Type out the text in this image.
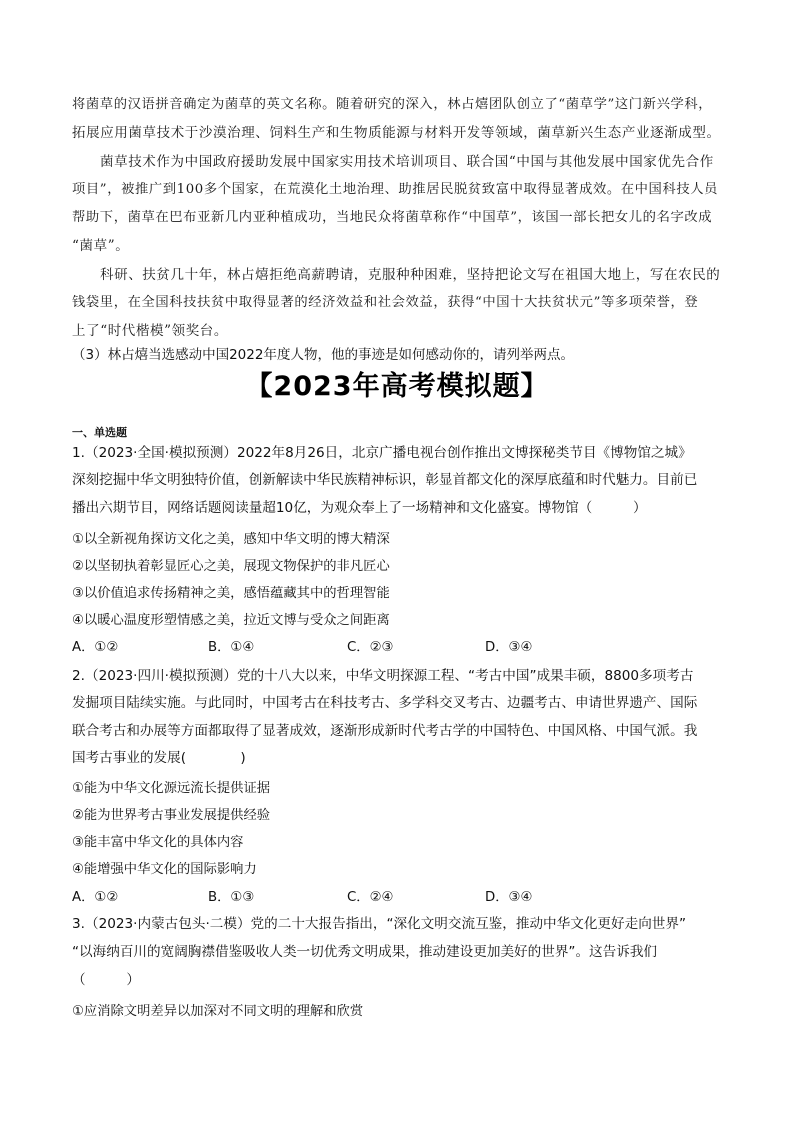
将菌草的汉语拼音确定为菌草的英文名称。随着研究的深入，林占熺团队创立了“菌草学”这门新兴学科，
拓展应用菌草技术于沙漠治理、饲料生产和生物质能源与材料开发等领域，菌草新兴生态产业逐渐成型。
菌草技术作为中国政府援助发展中国家实用技术培训项目、联合国“中国与其他发展中国家优先合作
项目”，被推广到100多个国家，在荒漠化土地治理、助推居民脱贫致富中取得显著成效。在中国科技人员
帮助下，菌草在巴布亚新几内亚种植成功，当地民众将菌草称作“中国草”，该国一部长把女儿的名字改成
“菌草”。
科研、扶贫几十年，林占熺拒绝高薪聘请，克服种种困难，坚持把论文写在祖国大地上，写在农民的
钱袋里，在全国科技扶贫中取得显著的经济效益和社会效益，获得“中国十大扶贫状元”等多项荣誉，登
上了“时代楷模”领奖台。
（3）林占熺当选感动中国2022年度人物，他的事迹是如何感动你的，请列举两点。
【2023年高考模拟题】
一、单选题
1.（2023·全国·模拟预测）2022年8月26日，北京广播电视台创作推出文博探秘类节目《博物馆之城》
深刻挖掘中华文明独特价值，创新解读中华民族精神标识，彰显首都文化的深厚底蕴和时代魅力。目前已
播出六期节目，网络话题阅读量超10亿，为观众奉上了一场精神和文化盛宴。博物馆（　　　）
①以全新视角探访文化之美，感知中华文明的博大精深
②以坚韧执着彰显匠心之美，展现文物保护的非凡匠心
③以价值追求传扬精神之美，感悟蕴藏其中的哲理智能
④以暖心温度形塑情感之美，拉近文博与受众之间距离
A．①②	B．①④	C．②③	D．③④
2.（2023·四川·模拟预测）党的十八大以来，中华文明探源工程、“考古中国”成果丰硕，8800多项考古
发掘项目陆续实施。与此同时，中国考古在科技考古、多学科交叉考古、边疆考古、申请世界遗产、国际
联合考古和办展等方面都取得了显著成效，逐渐形成新时代考古学的中国特色、中国风格、中国气派。我
国考古事业的发展(　　　　)
①能为中华文化源远流长提供证据
②能为世界考古事业发展提供经验
③能丰富中华文化的具体内容
④能增强中华文化的国际影响力
A．①②	B．①③	C．②④	D．③④
3.（2023·内蒙古包头·二模）党的二十大报告指出，“深化文明交流互鉴，推动中华文化更好走向世界”
“以海纳百川的宽阔胸襟借鉴吸收人类一切优秀文明成果，推动建设更加美好的世界”。这告诉我们
（　　　）
①应消除文明差异以加深对不同文明的理解和欣赏
